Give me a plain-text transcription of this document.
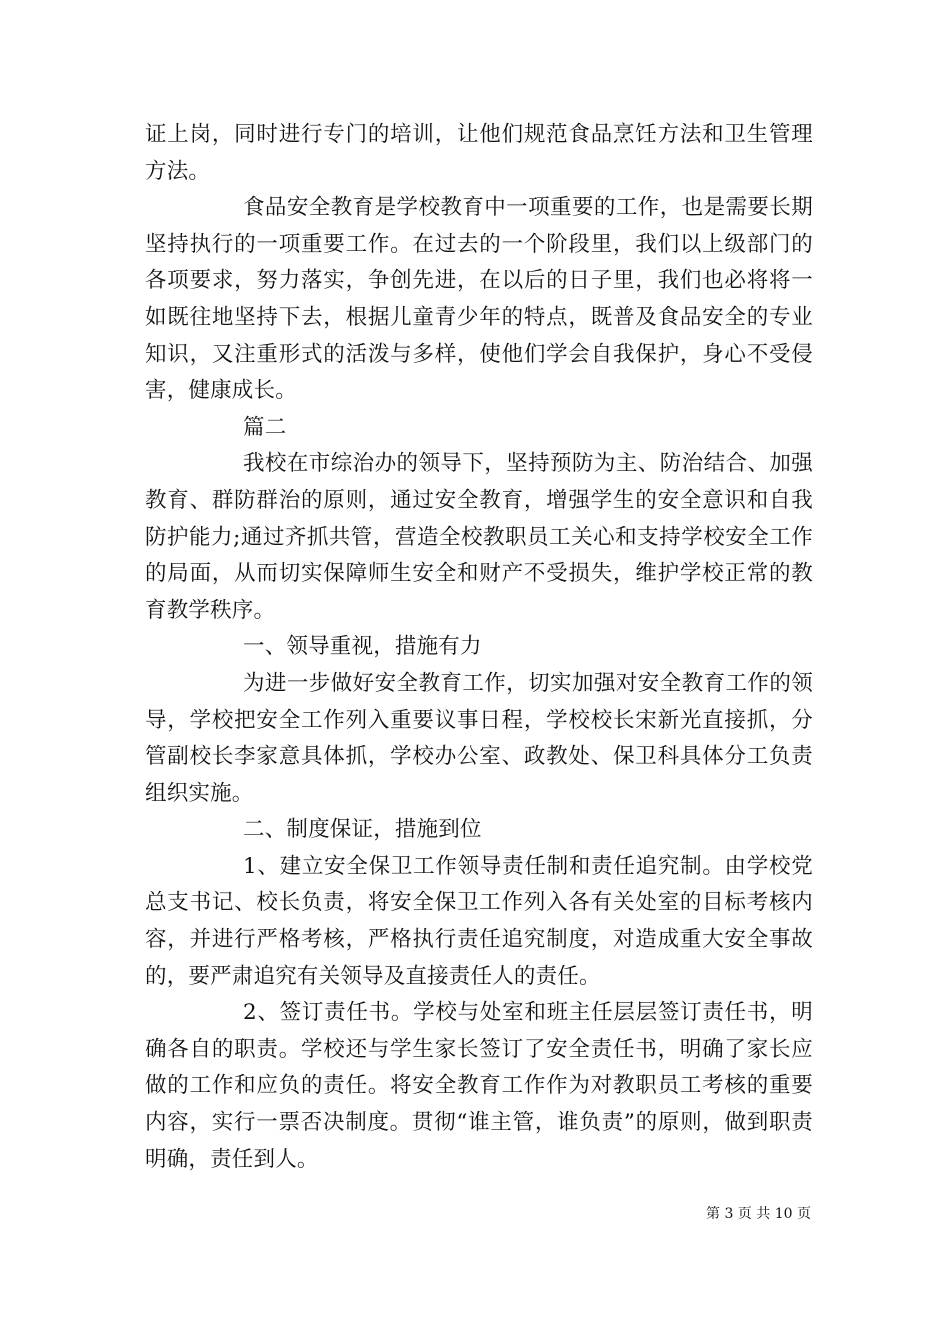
证上岗，同时进行专门的培训，让他们规范食品烹饪方法和卫生管理方法。

食品安全教育是学校教育中一项重要的工作，也是需要长期坚持执行的一项重要工作。在过去的一个阶段里，我们以上级部门的各项要求，努力落实，争创先进，在以后的日子里，我们也必将将一如既往地坚持下去，根据儿童青少年的特点，既普及食品安全的专业知识，又注重形式的活泼与多样，使他们学会自我保护，身心不受侵害，健康成长。

篇二

我校在市综治办的领导下，坚持预防为主、防治结合、加强教育、群防群治的原则，通过安全教育，增强学生的安全意识和自我防护能力;通过齐抓共管，营造全校教职员工关心和支持学校安全工作的局面，从而切实保障师生安全和财产不受损失，维护学校正常的教育教学秩序。

一、领导重视，措施有力

为进一步做好安全教育工作，切实加强对安全教育工作的领导，学校把安全工作列入重要议事日程，学校校长宋新光直接抓，分管副校长李家意具体抓，学校办公室、政教处、保卫科具体分工负责组织实施。

二、制度保证，措施到位

1、建立安全保卫工作领导责任制和责任追究制。由学校党总支书记、校长负责，将安全保卫工作列入各有关处室的目标考核内容，并进行严格考核，严格执行责任追究制度，对造成重大安全事故的，要严肃追究有关领导及直接责任人的责任。

2、签订责任书。学校与处室和班主任层层签订责任书，明确各自的职责。学校还与学生家长签订了安全责任书，明确了家长应做的工作和应负的责任。将安全教育工作作为对教职员工考核的重要内容，实行一票否决制度。贯彻“谁主管，谁负责”的原则，做到职责明确，责任到人。

第 3 页 共 10 页
